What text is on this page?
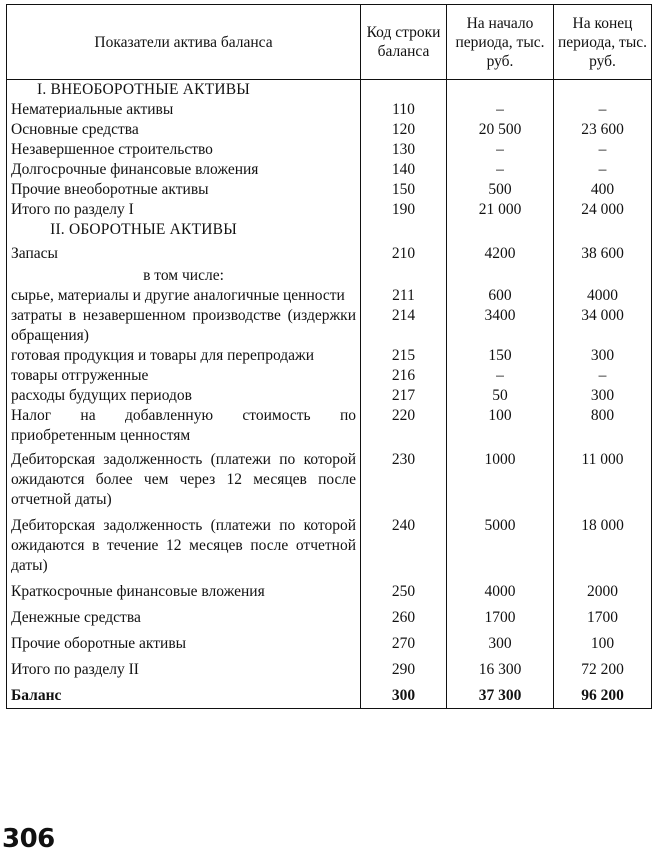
Показатели актива баланса	Код строки баланса	На начало периода, тыс. руб.	На конец периода, тыс. руб.
I. ВНЕОБОРОТНЫЕ АКТИВЫ			
Нематериальные активы	110	–	–
Основные средства	120	20 500	23 600
Незавершенное строительство	130	–	–
Долгосрочные финансовые вложения	140	–	–
Прочие внеоборотные активы	150	500	400
Итого по разделу I	190	21 000	24 000
II. ОБОРОТНЫЕ АКТИВЫ			
Запасы	210	4200	38 600
в том числе:			
сырье, материалы и другие аналогичные ценности	211	600	4000
затраты в незавершенном производстве (издержки обращения)	214	3400	34 000
готовая продукция и товары для перепродажи	215	150	300
товары отгруженные	216	–	–
расходы будущих периодов	217	50	300
Налог на добавленную стоимость по приобретенным ценностям	220	100	800
Дебиторская задолженность (платежи по которой ожидаются более чем через 12 месяцев после отчетной даты)	230	1000	11 000
Дебиторская задолженность (платежи по которой ожидаются в течение 12 месяцев после отчетной даты)	240	5000	18 000
Краткосрочные финансовые вложения	250	4000	2000
Денежные средства	260	1700	1700
Прочие оборотные активы	270	300	100
Итого по разделу II	290	16 300	72 200
Баланс	300	37 300	96 200
306
